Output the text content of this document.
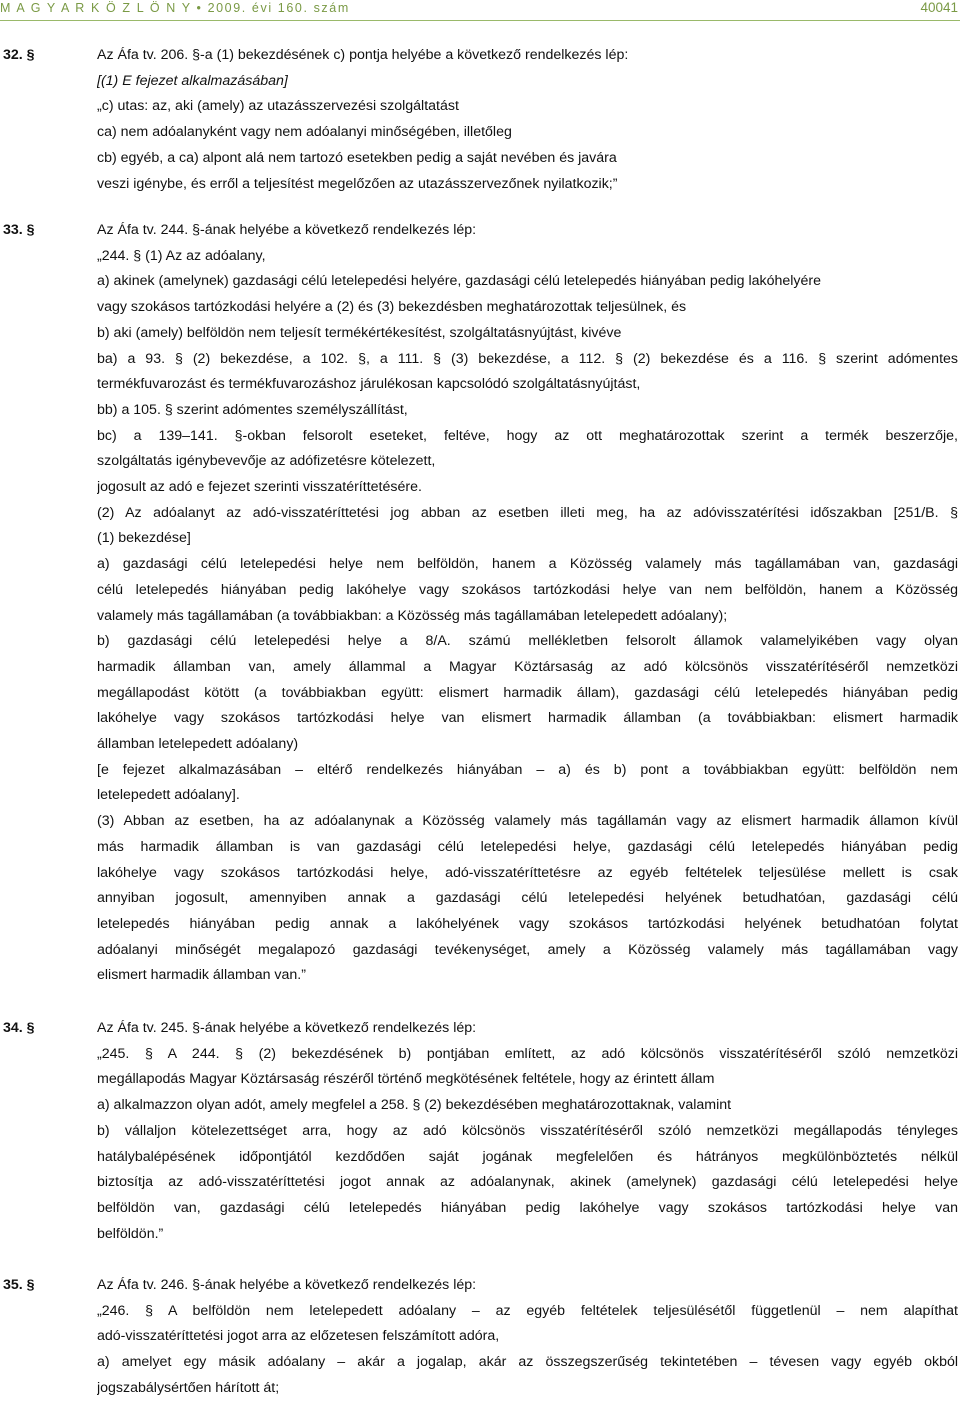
M A G Y A R K Ö Z L Ö N Y • 2009. évi 160. szám	40041
32. §	Az Áfa tv. 206. §-a (1) bekezdésének c) pontja helyébe a következő rendelkezés lép:
[(1) E fejezet alkalmazásában]
„c) utas: az, aki (amely) az utazásszervezési szolgáltatást
ca) nem adóalanyként vagy nem adóalanyi minőségében, illetőleg
cb) egyéb, a ca) alpont alá nem tartozó esetekben pedig a saját nevében és javára
veszi igénybe, és erről a teljesítést megelőzően az utazásszervezőnek nyilatkozik;”
33. §	Az Áfa tv. 244. §-ának helyébe a következő rendelkezés lép:
„244. § (1) Az az adóalany,
a) akinek (amelynek) gazdasági célú letelepedési helyére, gazdasági célú letelepedés hiányában pedig lakóhelyére
vagy szokásos tartózkodási helyére a (2) és (3) bekezdésben meghatározottak teljesülnek, és
b) aki (amely) belföldön nem teljesít termékértékesítést, szolgáltatásnyújtást, kivéve
ba) a 93. § (2) bekezdése, a 102. §, a 111. § (3) bekezdése, a 112. § (2) bekezdése és a 116. § szerint adómentes
termékfuvarozást és termékfuvarozáshoz járulékosan kapcsolódó szolgáltatásnyújtást,
bb) a 105. § szerint adómentes személyszállítást,
bc) a 139–141. §-okban felsorolt eseteket, feltéve, hogy az ott meghatározottak szerint a termék beszerzője,
szolgáltatás igénybevevője az adófizetésre kötelezett,
jogosult az adó e fejezet szerinti visszatéríttetésére.
(2) Az adóalanyt az adó-visszatéríttetési jog abban az esetben illeti meg, ha az adóvisszatérítési időszakban [251/B. §
(1) bekezdése]
a) gazdasági célú letelepedési helye nem belföldön, hanem a Közösség valamely más tagállamában van, gazdasági
célú letelepedés hiányában pedig lakóhelye vagy szokásos tartózkodási helye van nem belföldön, hanem a Közösség
valamely más tagállamában (a továbbiakban: a Közösség más tagállamában letelepedett adóalany);
b) gazdasági célú letelepedési helye a 8/A. számú mellékletben felsorolt államok valamelyikében vagy olyan
harmadik államban van, amely állammal a Magyar Köztársaság az adó kölcsönös visszatérítéséről nemzetközi
megállapodást kötött (a továbbiakban együtt: elismert harmadik állam), gazdasági célú letelepedés hiányában pedig
lakóhelye vagy szokásos tartózkodási helye van elismert harmadik államban (a továbbiakban: elismert harmadik
államban letelepedett adóalany)
[e fejezet alkalmazásában – eltérő rendelkezés hiányában – a) és b) pont a továbbiakban együtt: belföldön nem
letelepedett adóalany].
(3) Abban az esetben, ha az adóalanynak a Közösség valamely más tagállamán vagy az elismert harmadik államon kívül
más harmadik államban is van gazdasági célú letelepedési helye, gazdasági célú letelepedés hiányában pedig
lakóhelye vagy szokásos tartózkodási helye, adó-visszatéríttetésre az egyéb feltételek teljesülése mellett is csak
annyiban jogosult, amennyiben annak a gazdasági célú letelepedési helyének betudhatóan, gazdasági célú
letelepedés hiányában pedig annak a lakóhelyének vagy szokásos tartózkodási helyének betudhatóan folytat
adóalanyi minőségét megalapozó gazdasági tevékenységet, amely a Közösség valamely más tagállamában vagy
elismert harmadik államban van.”
34. §	Az Áfa tv. 245. §-ának helyébe a következő rendelkezés lép:
„245. § A 244. § (2) bekezdésének b) pontjában említett, az adó kölcsönös visszatérítéséről szóló nemzetközi
megállapodás Magyar Köztársaság részéről történő megkötésének feltétele, hogy az érintett állam
a) alkalmazzon olyan adót, amely megfelel a 258. § (2) bekezdésében meghatározottaknak, valamint
b) vállaljon kötelezettséget arra, hogy az adó kölcsönös visszatérítéséről szóló nemzetközi megállapodás tényleges
hatálybalépésének időpontjától kezdődően saját jogának megfelelően és hátrányos megkülönböztetés nélkül
biztosítja az adó-visszatéríttetési jogot annak az adóalanynak, akinek (amelynek) gazdasági célú letelepedési helye
belföldön van, gazdasági célú letelepedés hiányában pedig lakóhelye vagy szokásos tartózkodási helye van
belföldön.”
35. §	Az Áfa tv. 246. §-ának helyébe a következő rendelkezés lép:
„246. § A belföldön nem letelepedett adóalany – az egyéb feltételek teljesülésétől függetlenül – nem alapíthat
adó-visszatéríttetési jogot arra az előzetesen felszámított adóra,
a) amelyet egy másik adóalany – akár a jogalap, akár az összegszerűség tekintetében – tévesen vagy egyéb okból
jogszabálysértően hárított át;
